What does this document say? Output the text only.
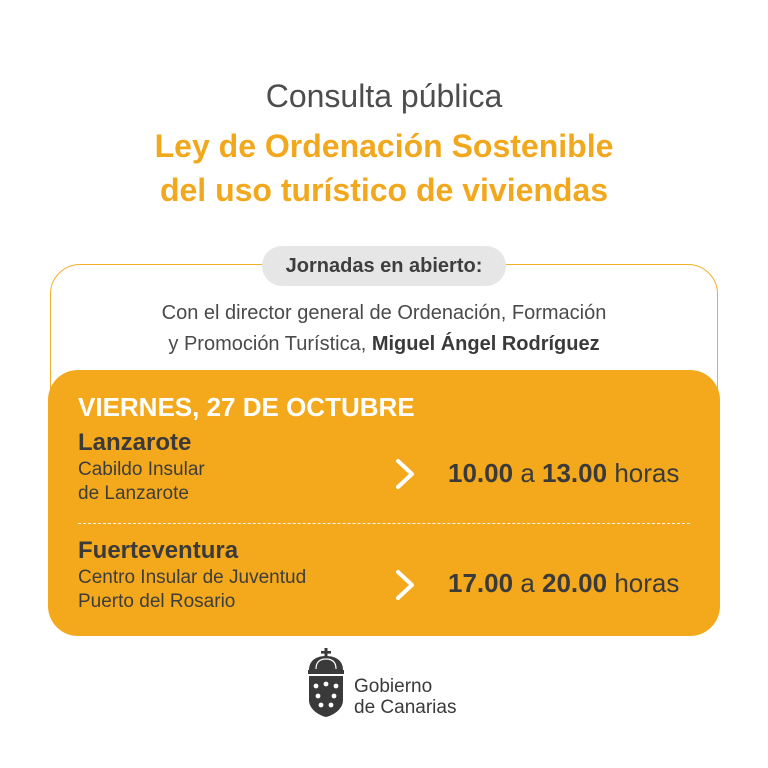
Consulta pública
Ley de Ordenación Sostenible
del uso turístico de viviendas
Jornadas en abierto:
Con el director general de Ordenación, Formación
y Promoción Turística, Miguel Ángel Rodríguez
VIERNES, 27 DE OCTUBRE
Lanzarote
Cabildo Insular
de Lanzarote
10.00 a 13.00 horas
Fuerteventura
Centro Insular de Juventud
Puerto del Rosario
17.00 a 20.00 horas
Gobierno
de Canarias
